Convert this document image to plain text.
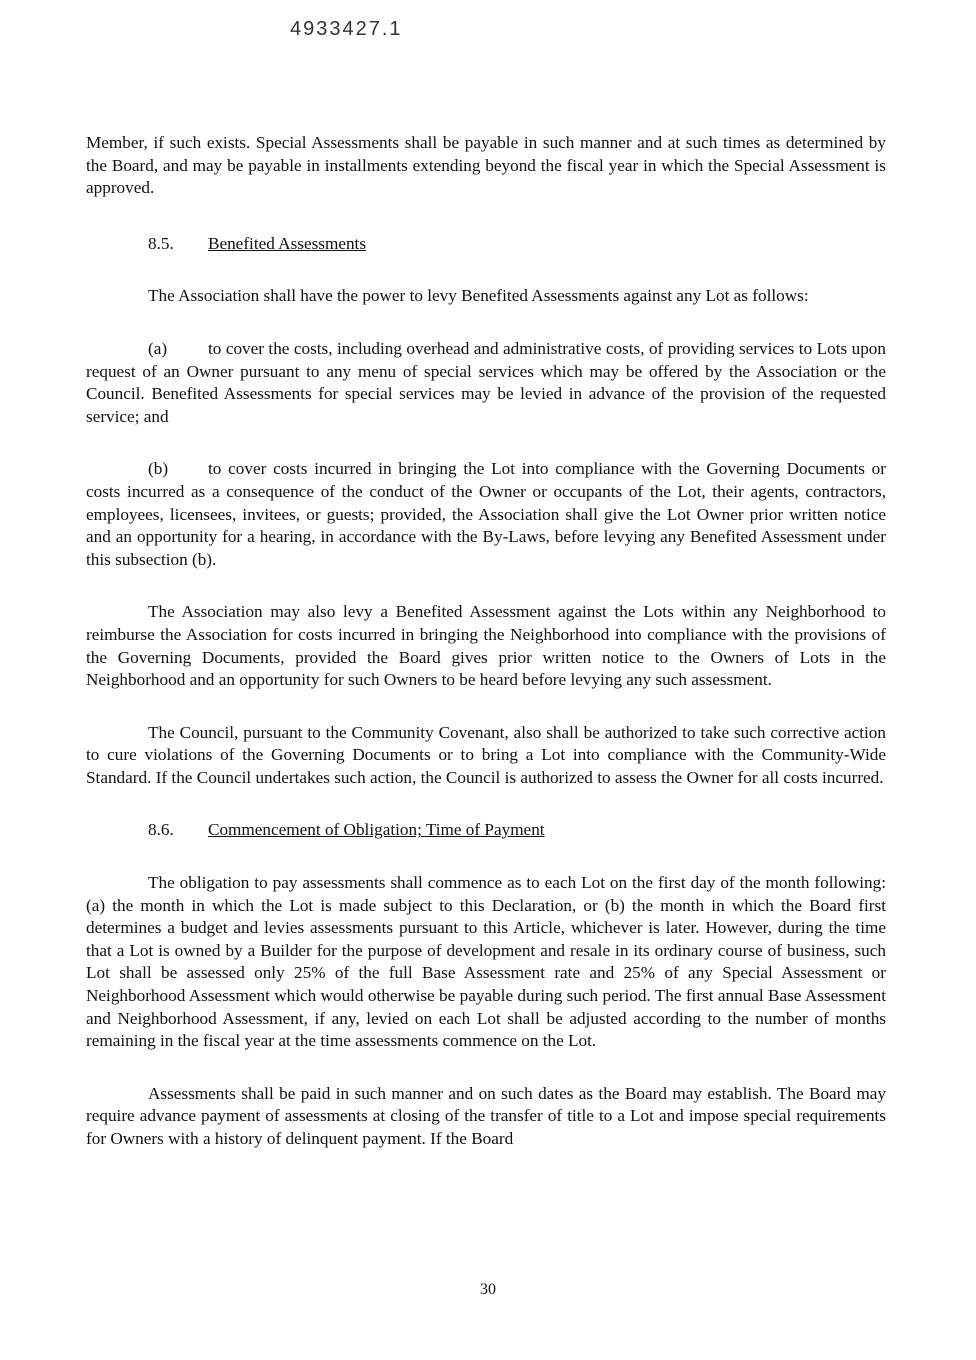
4933427.1

Member, if such exists. Special Assessments shall be payable in such manner and at such times as determined by the Board, and may be payable in installments extending beyond the fiscal year in which the Special Assessment is approved.

8.5.	Benefited Assessments

The Association shall have the power to levy Benefited Assessments against any Lot as follows:

(a) to cover the costs, including overhead and administrative costs, of providing services to Lots upon request of an Owner pursuant to any menu of special services which may be offered by the Association or the Council. Benefited Assessments for special services may be levied in advance of the provision of the requested service; and

(b) to cover costs incurred in bringing the Lot into compliance with the Governing Documents or costs incurred as a consequence of the conduct of the Owner or occupants of the Lot, their agents, contractors, employees, licensees, invitees, or guests; provided, the Association shall give the Lot Owner prior written notice and an opportunity for a hearing, in accordance with the By-Laws, before levying any Benefited Assessment under this subsection (b).

The Association may also levy a Benefited Assessment against the Lots within any Neighborhood to reimburse the Association for costs incurred in bringing the Neighborhood into compliance with the provisions of the Governing Documents, provided the Board gives prior written notice to the Owners of Lots in the Neighborhood and an opportunity for such Owners to be heard before levying any such assessment.

The Council, pursuant to the Community Covenant, also shall be authorized to take such corrective action to cure violations of the Governing Documents or to bring a Lot into compliance with the Community-Wide Standard. If the Council undertakes such action, the Council is authorized to assess the Owner for all costs incurred.

8.6.	Commencement of Obligation; Time of Payment

The obligation to pay assessments shall commence as to each Lot on the first day of the month following: (a) the month in which the Lot is made subject to this Declaration, or (b) the month in which the Board first determines a budget and levies assessments pursuant to this Article, whichever is later. However, during the time that a Lot is owned by a Builder for the purpose of development and resale in its ordinary course of business, such Lot shall be assessed only 25% of the full Base Assessment rate and 25% of any Special Assessment or Neighborhood Assessment which would otherwise be payable during such period. The first annual Base Assessment and Neighborhood Assessment, if any, levied on each Lot shall be adjusted according to the number of months remaining in the fiscal year at the time assessments commence on the Lot.

Assessments shall be paid in such manner and on such dates as the Board may establish. The Board may require advance payment of assessments at closing of the transfer of title to a Lot and impose special requirements for Owners with a history of delinquent payment. If the Board

30
